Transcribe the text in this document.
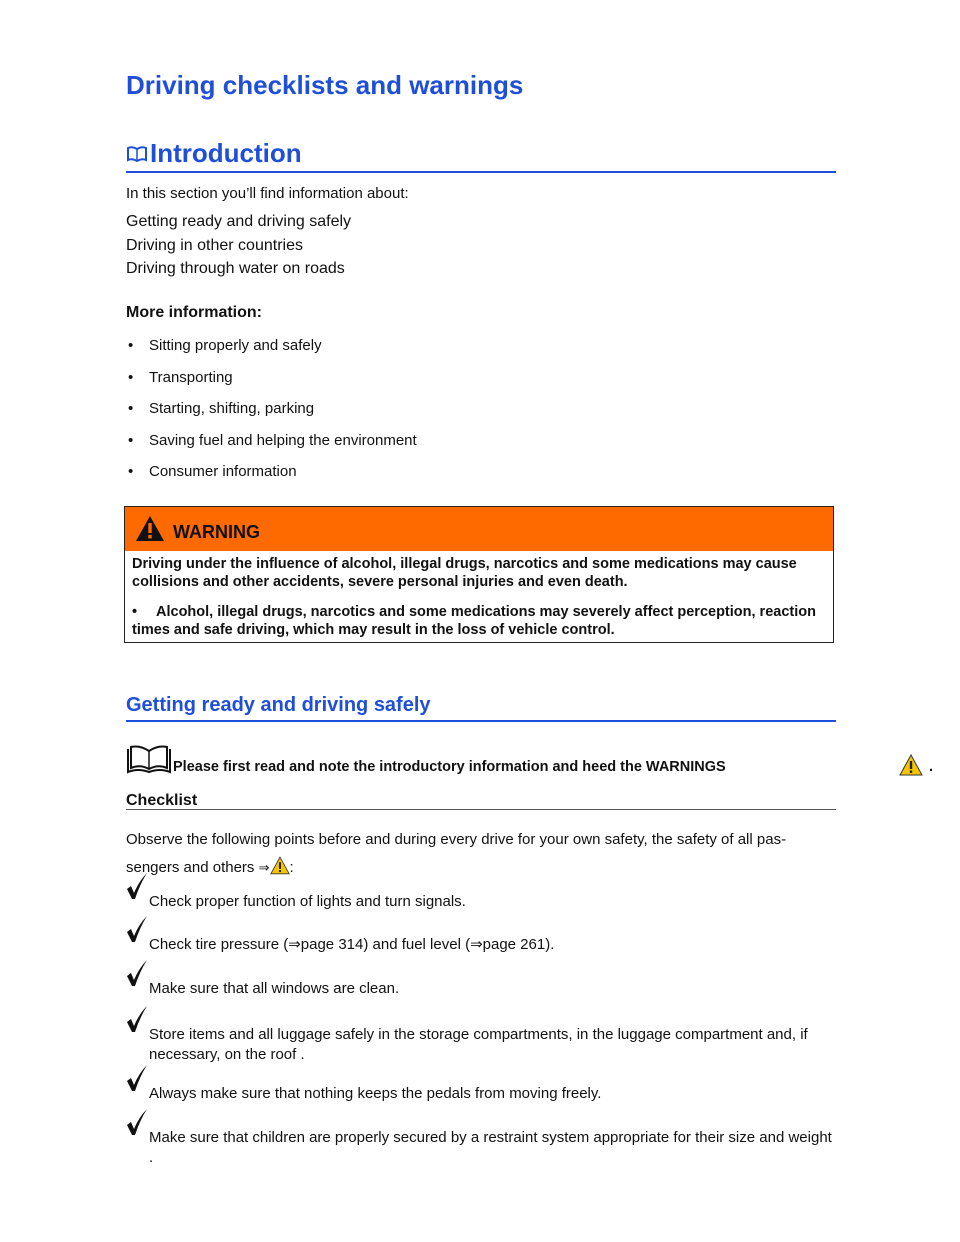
Driving checklists and warnings
Introduction
In this section you’ll find information about:
Getting ready and driving safely
Driving in other countries
Driving through water on roads
More information:
• Sitting properly and safely
• Transporting
• Starting, shifting, parking
• Saving fuel and helping the environment
• Consumer information
WARNING

Driving under the influence of alcohol, illegal drugs, narcotics and some medications may cause collisions and other accidents, severe personal injuries and even death.

• Alcohol, illegal drugs, narcotics and some medications may severely affect perception, reaction times and safe driving, which may result in the loss of vehicle control.

Getting ready and driving safely
Please first read and note the introductory information and heed the WARNINGS	.
Checklist
Observe the following points before and during every drive for your own safety, the safety of all pas-
sengers and others ⇒ :
Check proper function of lights and turn signals.
Check tire pressure (⇒page 314) and fuel level (⇒page 261).
Make sure that all windows are clean.
Store items and all luggage safely in the storage compartments, in the luggage compartment and, if necessary, on the roof .
Always make sure that nothing keeps the pedals from moving freely.
Make sure that children are properly secured by a restraint system appropriate for their size and weight .
